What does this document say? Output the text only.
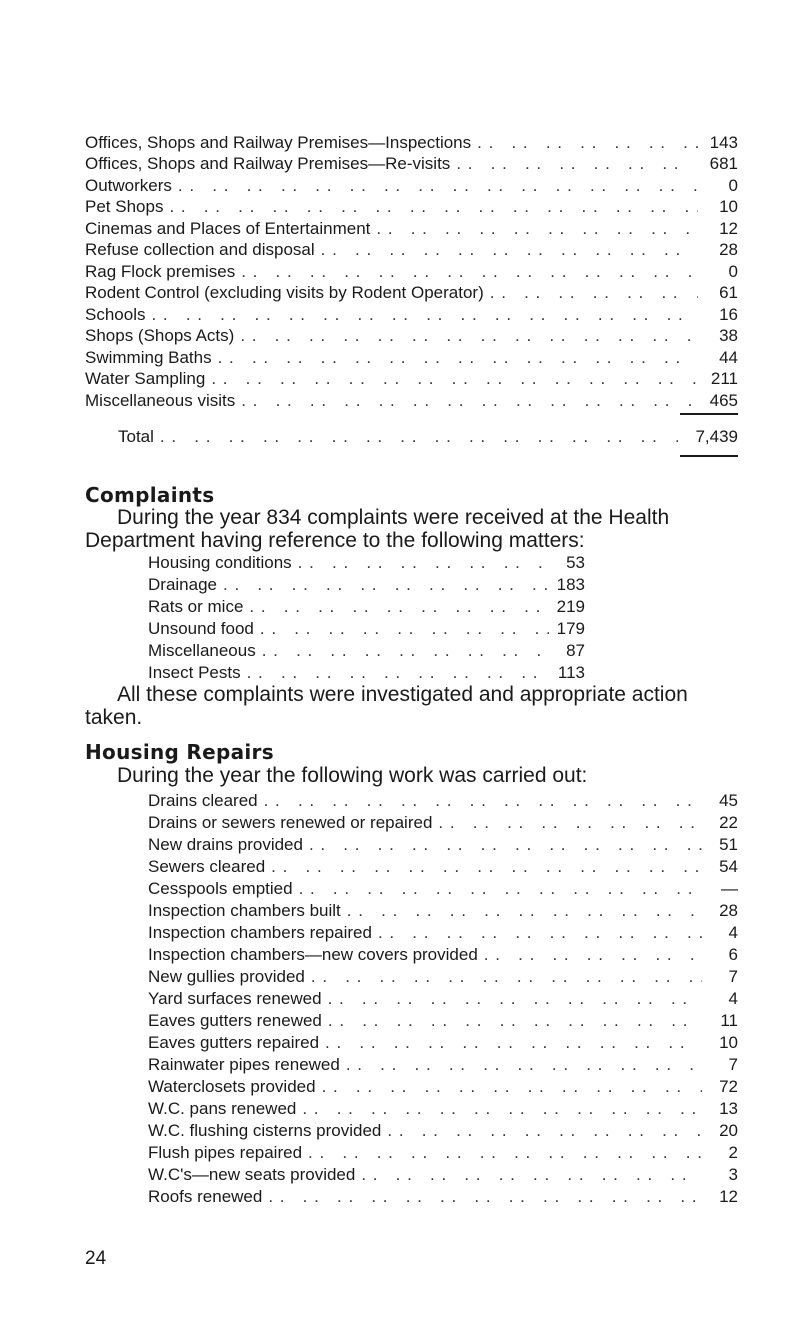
Offices, Shops and Railway Premises—Inspections . .	143
Offices, Shops and Railway Premises—Re-visits . .	681
Outworkers . .	0
Pet Shops . .	10
Cinemas and Places of Entertainment . .	12
Refuse collection and disposal . .	28
Rag Flock premises . .	0
Rodent Control (excluding visits by Rodent Operator) . .	61
Schools . .	16
Shops (Shops Acts) . .	38
Swimming Baths . .	44
Water Sampling . .	211
Miscellaneous visits . .	465
Total . .	7,439
Complaints
During the year 834 complaints were received at the Health
Department having reference to the following matters:
Housing conditions . .	53
Drainage . .	183
Rats or mice . .	219
Unsound food . .	179
Miscellaneous . .	87
Insect Pests . .	113
All these complaints were investigated and appropriate action
taken.
Housing Repairs
During the year the following work was carried out:
Drains cleared . .	45
Drains or sewers renewed or repaired . .	22
New drains provided . .	51
Sewers cleared . .	54
Cesspools emptied . .	—
Inspection chambers built . .	28
Inspection chambers repaired . .	4
Inspection chambers—new covers provided . .	6
New gullies provided . .	7
Yard surfaces renewed . .	4
Eaves gutters renewed . .	11
Eaves gutters repaired . .	10
Rainwater pipes renewed . .	7
Waterclosets provided . .	72
W.C. pans renewed . .	13
W.C. flushing cisterns provided . .	20
Flush pipes repaired . .	2
W.C's—new seats provided . .	3
Roofs renewed . .	12
24
